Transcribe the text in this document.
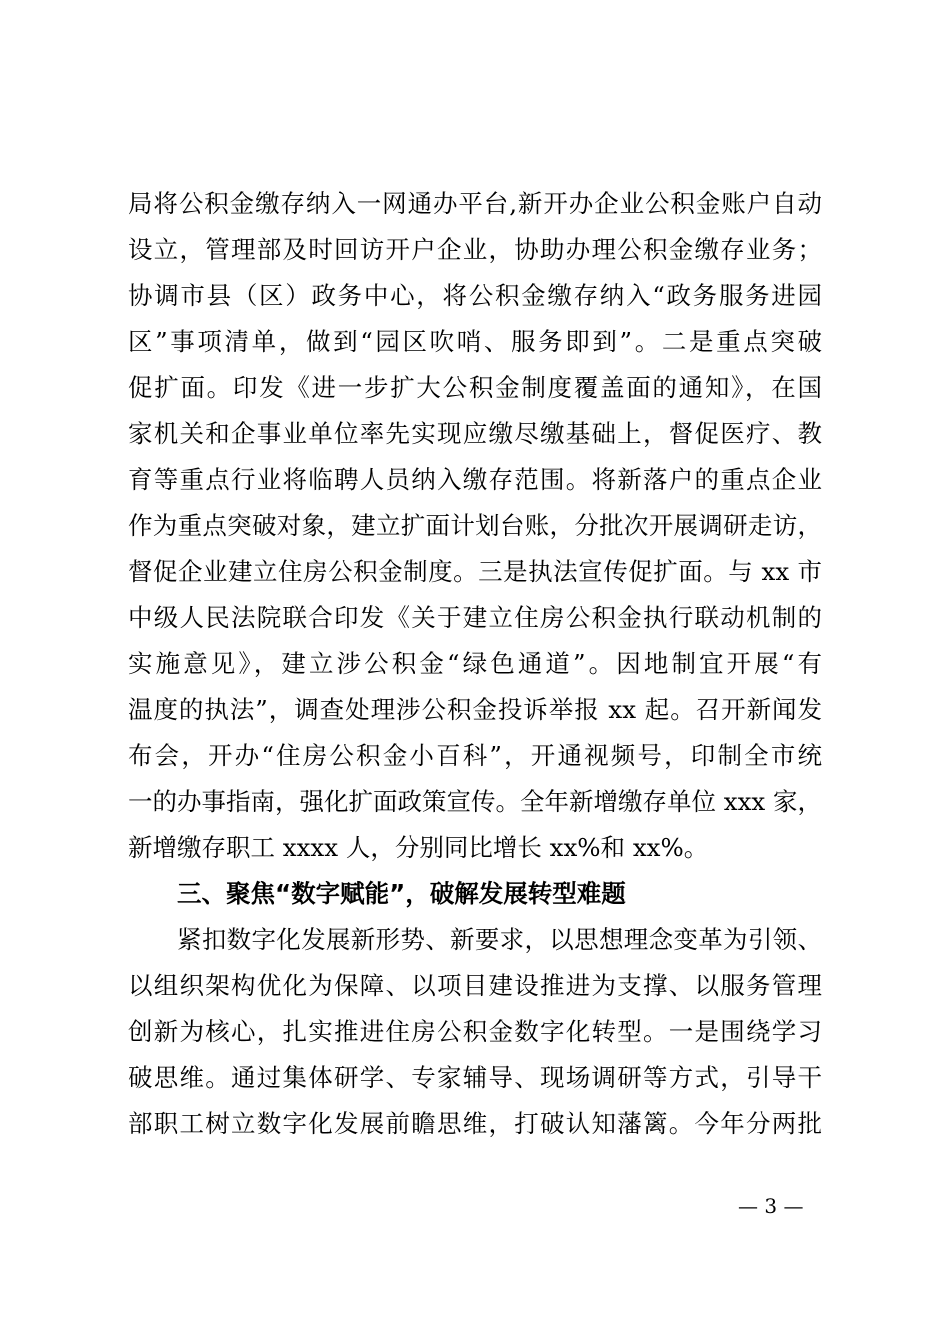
局将公积金缴存纳入一网通办平台,新开办企业公积金账户自动
设立，管理部及时回访开户企业，协助办理公积金缴存业务；
协调市县（区）政务中心，将公积金缴存纳入“政务服务进园
区”事项清单，做到“园区吹哨、服务即到”。二是重点突破
促扩面。印发《进一步扩大公积金制度覆盖面的通知》，在国
家机关和企事业单位率先实现应缴尽缴基础上，督促医疗、教
育等重点行业将临聘人员纳入缴存范围。将新落户的重点企业
作为重点突破对象，建立扩面计划台账，分批次开展调研走访，
督促企业建立住房公积金制度。三是执法宣传促扩面。与 xx 市
中级人民法院联合印发《关于建立住房公积金执行联动机制的
实施意见》，建立涉公积金“绿色通道”。因地制宜开展“有
温度的执法”，调查处理涉公积金投诉举报 xx 起。召开新闻发
布会，开办“住房公积金小百科”，开通视频号，印制全市统
一的办事指南，强化扩面政策宣传。全年新增缴存单位 xxx 家，
新增缴存职工 xxxx 人，分别同比增长 xx%和 xx%。
三、聚焦“数字赋能”，破解发展转型难题
紧扣数字化发展新形势、新要求，以思想理念变革为引领、
以组织架构优化为保障、以项目建设推进为支撑、以服务管理
创新为核心，扎实推进住房公积金数字化转型。一是围绕学习
破思维。通过集体研学、专家辅导、现场调研等方式，引导干
部职工树立数字化发展前瞻思维，打破认知藩篱。今年分两批
— 3 —
